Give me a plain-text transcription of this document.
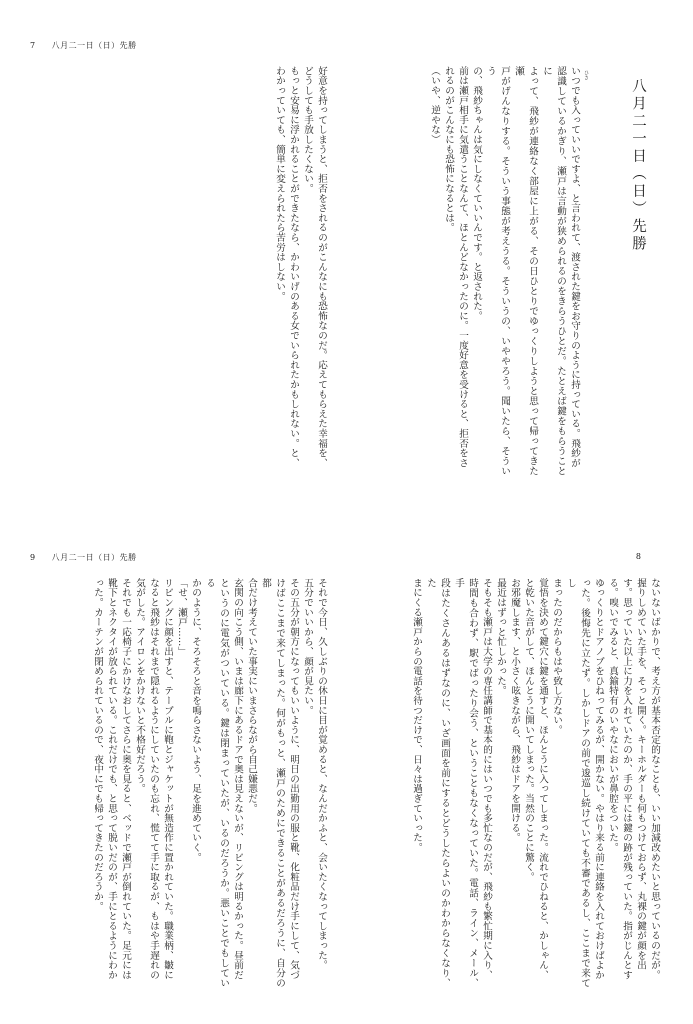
7 八月二一日（日）先勝

好意を持ってしまうと、拒否をされるのがこんなにも恐怖なのだ。応えてもらえた幸福を、

どうしても手放したくない。

もっと安易に浮かれることができたなら、かわいげのある女でいられたかもしれない。と、

わかっていても、簡単に変えられたら苦労はしない。	八月二一日（日）先勝

いつでも入っていいですよ、と言われて、渡された鍵をお守りのように持っている。飛紗が

認識しているかぎり、瀬戸は言動が狭められるのをきらうひとだ。たとえば鍵をもらうことに

よって、飛紗が連絡なく部屋に上がる、その日ひとりでゆっくりしようと思って帰ってきた瀬

戸がげんなりする。そういう事態が考えうる。そういうの、いややろう。聞いたら、そういう

の、飛紗ちゃんは気にしなくていいんです。と返された。

前は瀬戸相手に気遣うことなんて、ほとんどなかったのに。一度好意を受けると、拒否をさ

れるのがこんなにも恐怖になるとは。

（いや、逆やな）	ひさ
9 八月二一日（日）先勝

それで今日、久しぶりの休日に目が覚めると、なんだかふと、会いたくなってしまった。

五分でいいから、顔が見たい。

その五分が朝方になってもいいように、明日の出勤用の服と靴、化粧品だけ手にして、気づ

けばここまで来てしまった。何がもっと、瀬戸のためにできることがあるだろうに、自分の都

合だけ考えていた事実にいまさらながら自己嫌悪だ。

玄関の向こう側、いまは廊下にあるドアで奥は見えないが、リビングは明るかった。昼前だ

というのに電気がついている。鍵は閉まっていたが、いるのだろうか。悪いことでもしている

かのように、そろそろと音を鳴らさないよう、足を進めていく。

「せ、瀬戸……」

リビングに顔を出すと、テーブルに鞄とジャケットが無造作に置かれていた。職業柄、皺に

なると飛紗はそれまで隠れるようにしていたのも忘れ、慌てて手に取るが、もはや手遅れの

気がした。アイロンをかけないと不格好だろう。

それでも一応椅子にかけなおしてさらに奥を見ると、ベッドで瀬戸が倒れていた。足元には

靴下とネクタイが放られている。これだけでも、と思って脱いだのが、手にとるようにわか

った。カーテンが閉められているので、夜中にでも帰ってきたのだろうか。

8

ないないばかりで、考え方が基本否定的なことも、いい加減改めたいと思っているのだが。

握りしめていた手を、そっと開く。キーホルダーも何もつけておらず、丸裸の鍵が顔を出

す。思っていた以上に力を入れていたのか、手の平には鍵の跡が残っていた。指がじんとす

る。嗅いでみると、真鍮特有のいやなにおいが鼻腔をついた。

ゆっくりとドアノブをひねってみるが、開かない。やはり来る前に連絡を入れておけばよか

った。後悔先に立たず。しかしドアの前で逡巡し続けていても不審であるし、ここまで来てし

まったのだからもはや致し方ない。

覚悟を決めて鍵穴に鍵を通すと、ほんとうに入ってしまった。流れでひねると、かしゃん、

と乾いた音がして、ほんとうに開いてしまった。当然のことに驚く。

お邪魔します、と小さく呟きながら、飛紗はドアを開ける。

最近はずっと忙しかった。

そもそも瀬戸は大学の専任講師で基本的にはいつでも多忙なのだが、飛紗も繁忙期に入り、

時間も合わず、駅でばったり会う、ということもなくなっていた。電話、ライン、メール、手

段はたくさんあるはずなのに、いざ画面を前にするとどうしたらよいのかわからなくなり、た

まにくる瀬戸からの電話を待つだけで、日々は過ぎていった。
